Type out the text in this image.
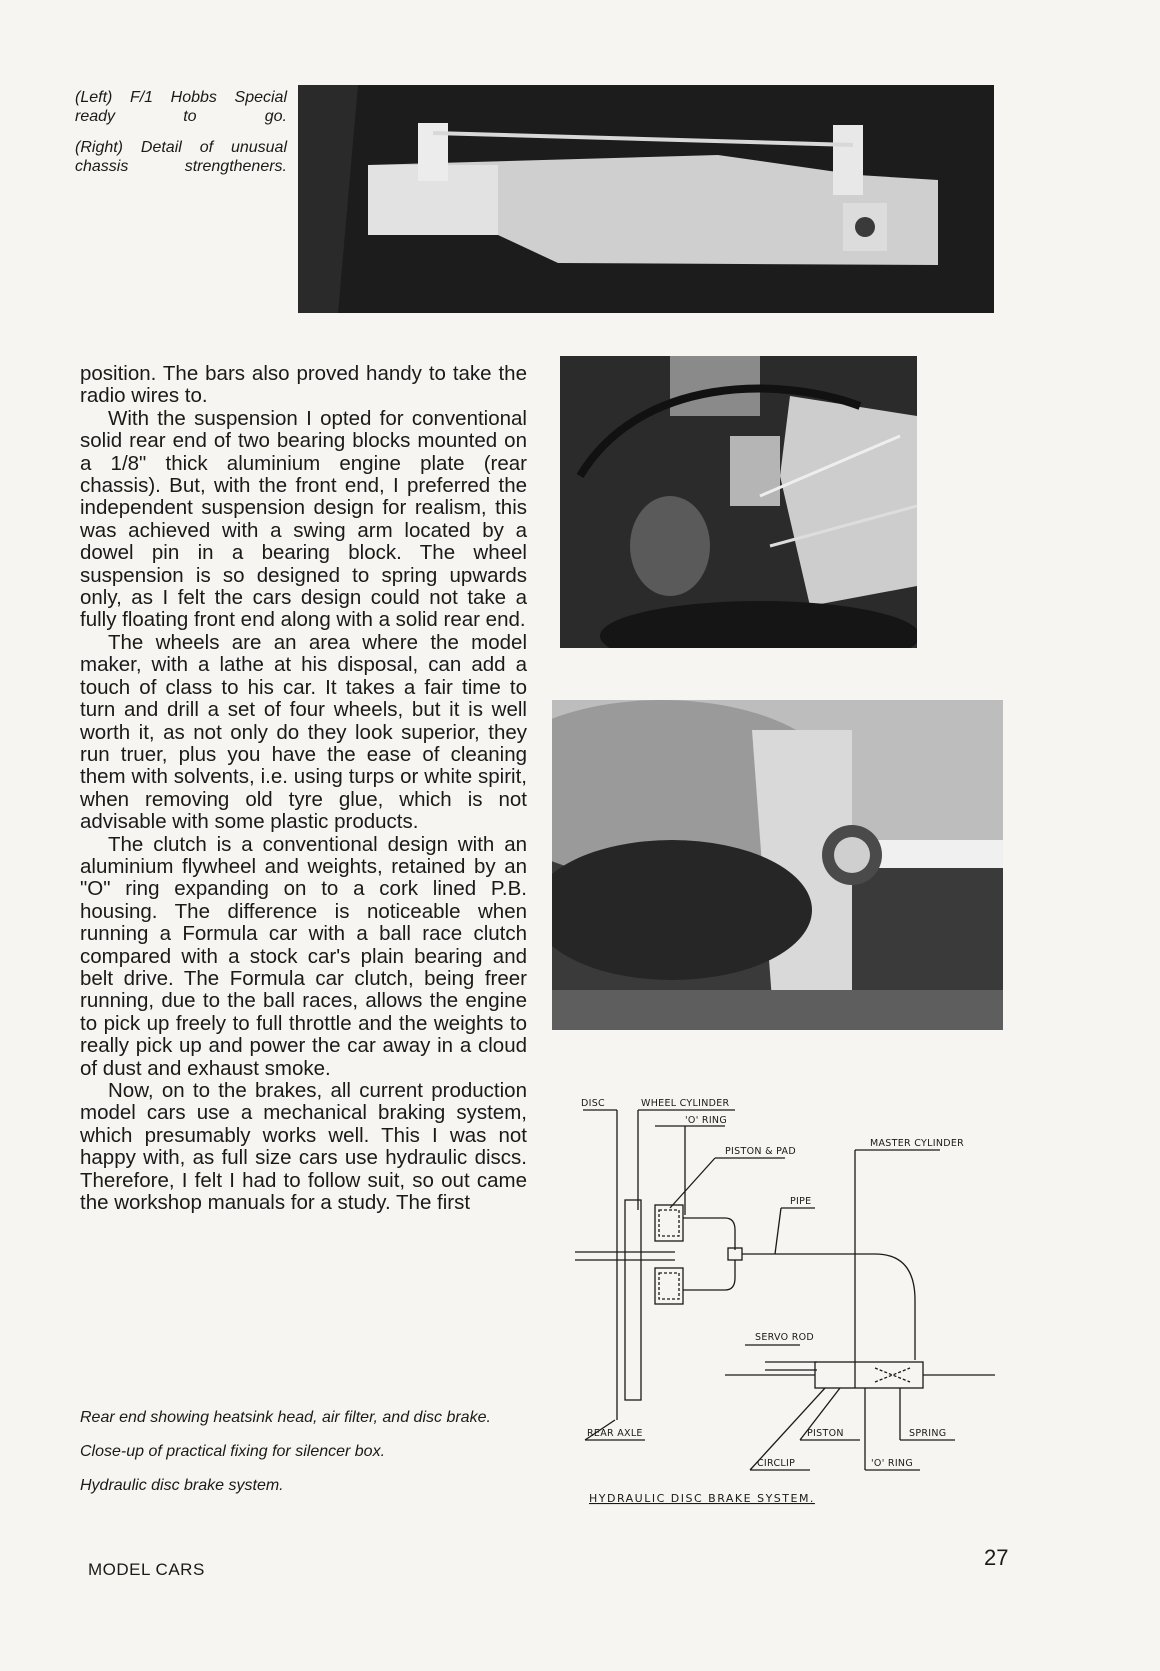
(Left) F/1 Hobbs Special ready to go.

(Right) Detail of unusual chassis strengtheners.

position. The bars also proved handy to take the radio wires to.

With the suspension I opted for conventional solid rear end of two bearing blocks mounted on a 1/8" thick aluminium engine plate (rear chassis). But, with the front end, I preferred the independent suspension design for realism, this was achieved with a swing arm located by a dowel pin in a bearing block. The wheel suspension is so designed to spring upwards only, as I felt the cars design could not take a fully floating front end along with a solid rear end.

The wheels are an area where the model maker, with a lathe at his disposal, can add a touch of class to his car. It takes a fair time to turn and drill a set of four wheels, but it is well worth it, as not only do they look superior, they run truer, plus you have the ease of cleaning them with solvents, i.e. using turps or white spirit, when removing old tyre glue, which is not advisable with some plastic products.

The clutch is a conventional design with an aluminium flywheel and weights, retained by an "O" ring expanding on to a cork lined P.B. housing. The difference is noticeable when running a Formula car with a ball race clutch compared with a stock car's plain bearing and belt drive. The Formula car clutch, being freer running, due to the ball races, allows the engine to pick up freely to full throttle and the weights to really pick up and power the car away in a cloud of dust and exhaust smoke.

Now, on to the brakes, all current production model cars use a mechanical braking system, which presumably works well. This I was not happy with, as full size cars use hydraulic discs. Therefore, I felt I had to follow suit, so out came the workshop manuals for a study. The first

Rear end showing heatsink head, air filter, and disc brake.

Close-up of practical fixing for silencer box.

Hydraulic disc brake system.

DISC	WHEEL CYLINDER
'O' RING
MASTER CYLINDER
PISTON & PAD
PIPE
SERVO ROD
REAR AXLE	PISTON	SPRING
CIRCLIP	'O' RING
HYDRAULIC DISC BRAKE SYSTEM.
MODEL CARS	27
